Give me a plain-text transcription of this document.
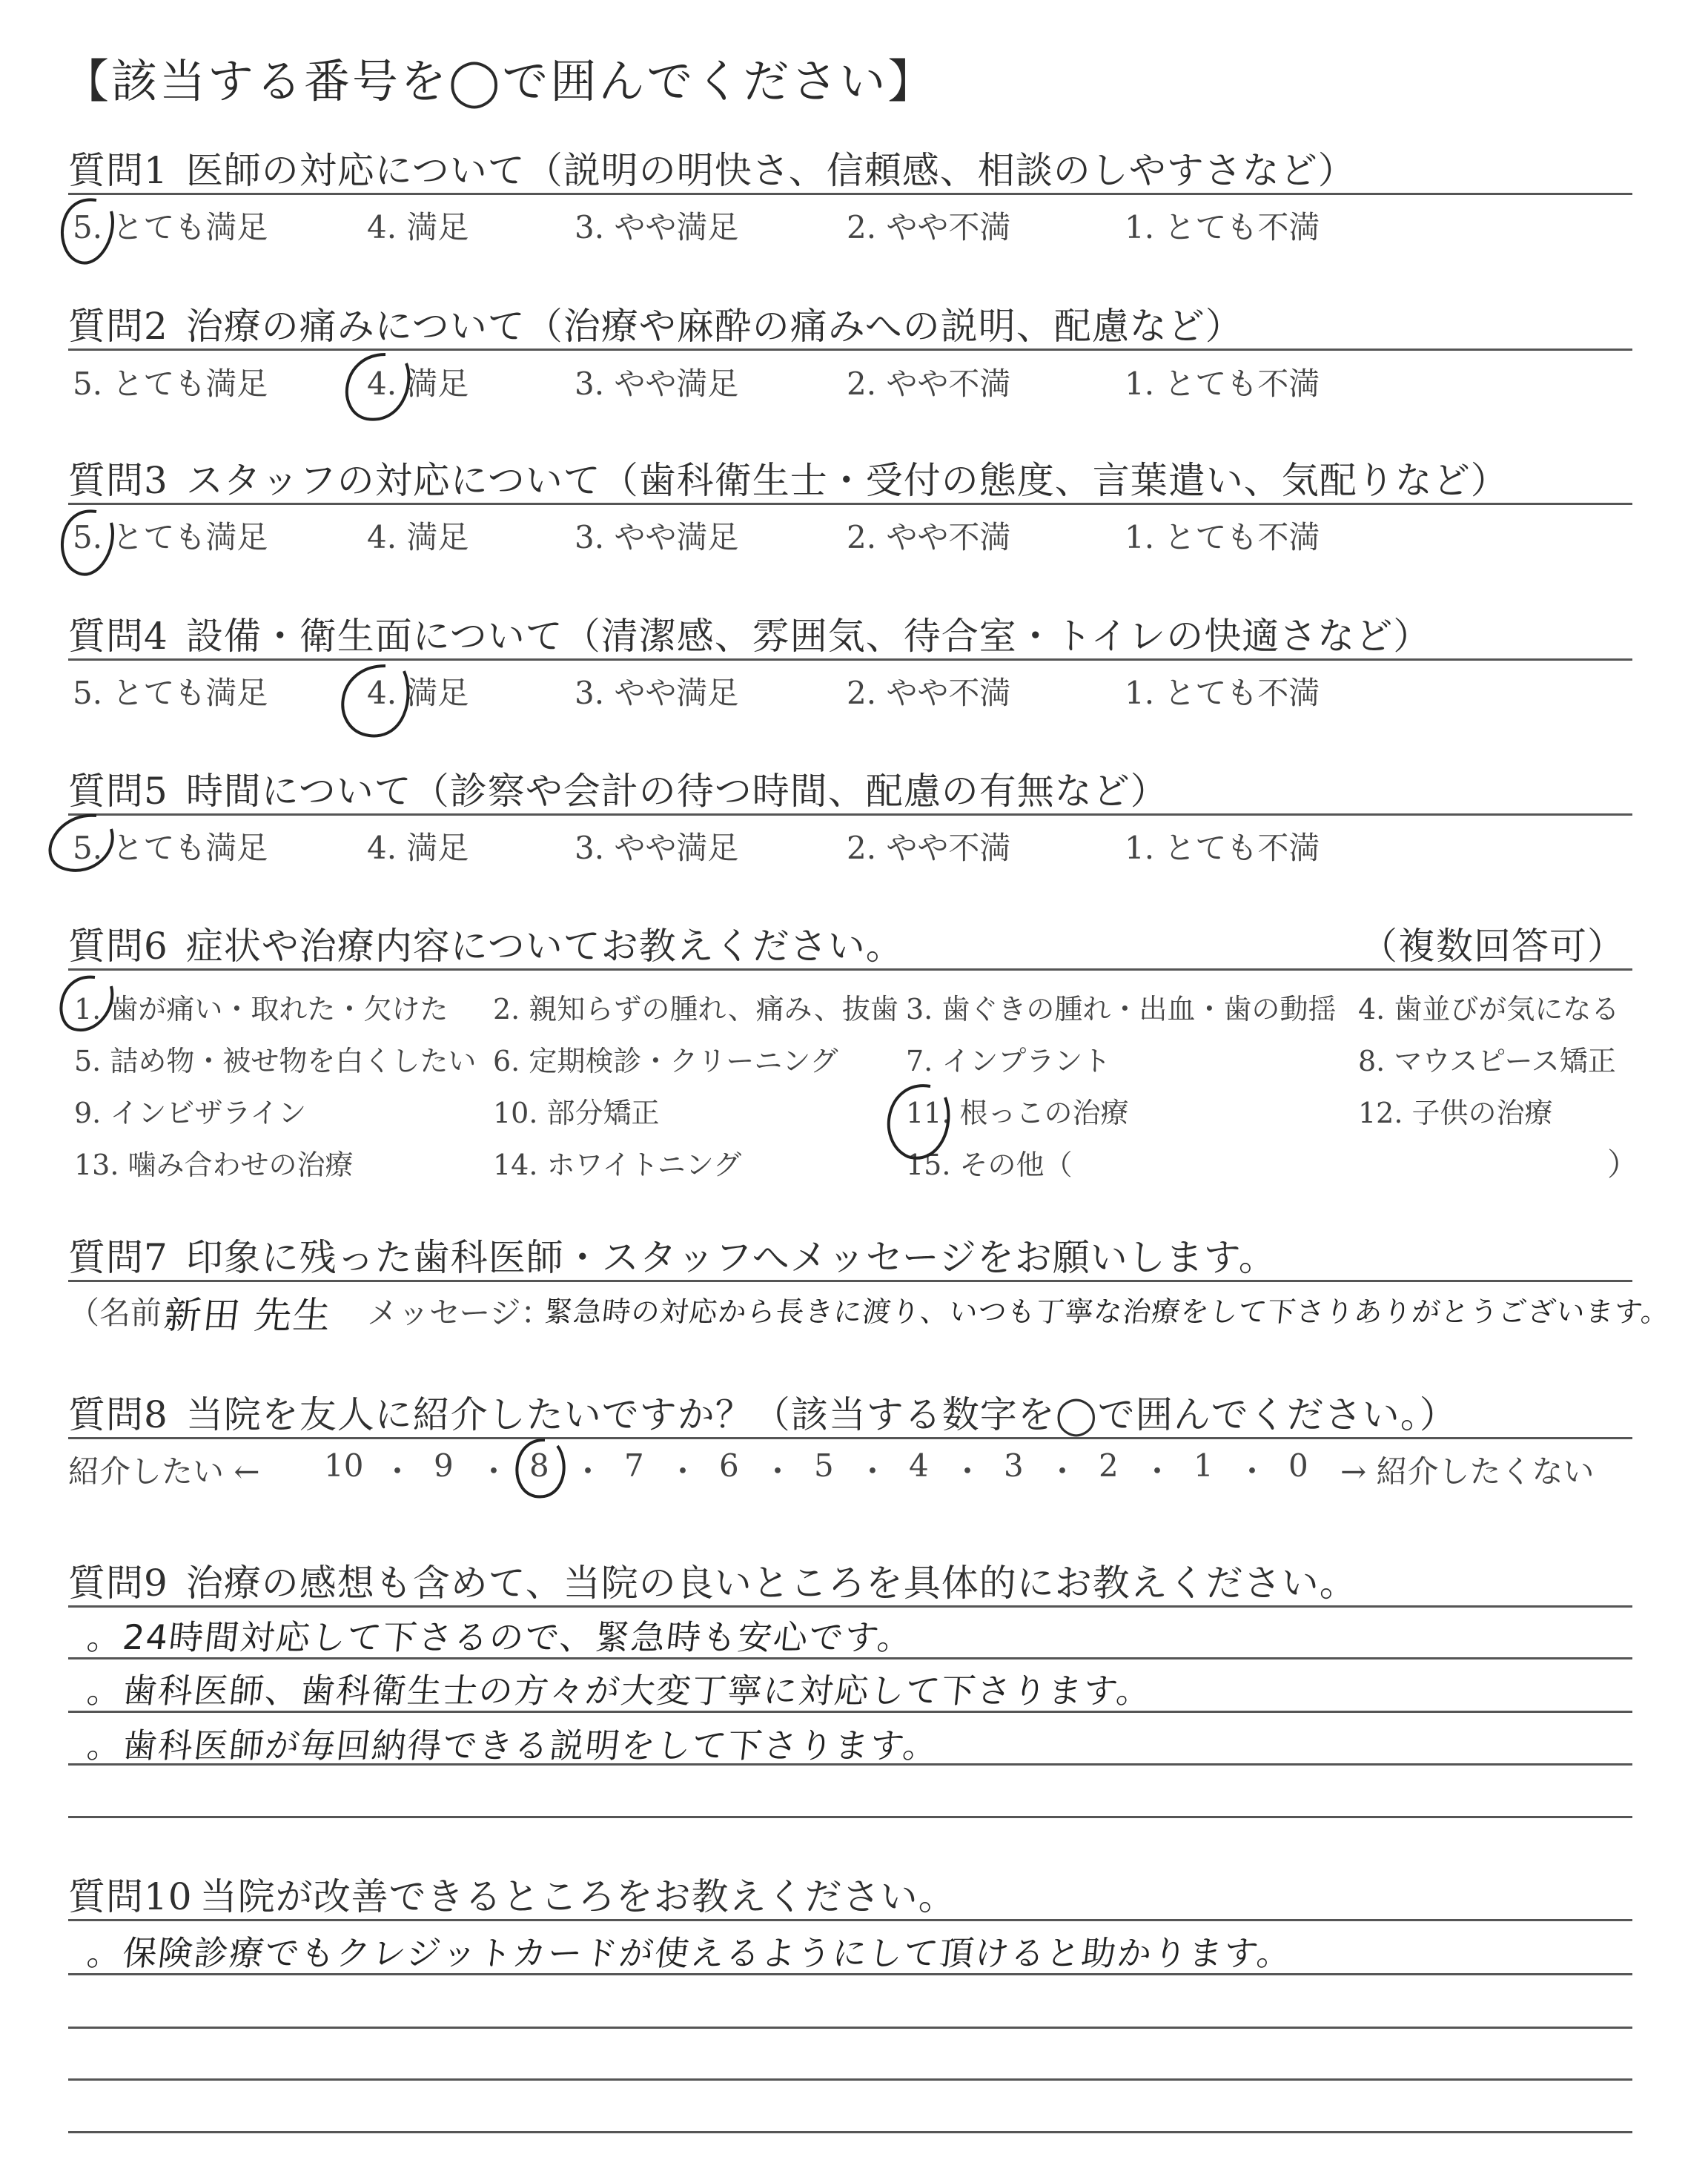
【該当する番号を◯で囲んでください】
質問1 医師の対応について（説明の明快さ、信頼感、相談のしやすさなど）
5. とても満足	4. 満足	3. やや満足	2. やや不満	1. とても不満
質問2 治療の痛みについて（治療や麻酔の痛みへの説明、配慮など）
5. とても満足	4. 満足	3. やや満足	2. やや不満	1. とても不満
質問3 スタッフの対応について（歯科衛生士・受付の態度、言葉遣い、気配りなど）
5. とても満足	4. 満足	3. やや満足	2. やや不満	1. とても不満
質問4 設備・衛生面について（清潔感、雰囲気、待合室・トイレの快適さなど）
5. とても満足	4. 満足	3. やや満足	2. やや不満	1. とても不満
質問5 時間について（診察や会計の待つ時間、配慮の有無など）
5. とても満足	4. 満足	3. やや満足	2. やや不満	1. とても不満
質問6 症状や治療内容についてお教えください。	（複数回答可）
1. 歯が痛い・取れた・欠けた 2. 親知らずの腫れ、痛み、抜歯 3. 歯ぐきの腫れ・出血・歯の動揺 4. 歯並びが気になる
5. 詰め物・被せ物を白くしたい 6. 定期検診・クリーニング 7. インプラント	8. マウスピース矯正
9. インビザライン	10. 部分矯正	11. 根っこの治療	12. 子供の治療
13. 噛み合わせの治療	14. ホワイトニング	15. その他（	）
質問7 印象に残った歯科医師・スタッフへメッセージをお願いします。
（名前：
新田 先生 メッセージ：
緊急時の対応から長きに渡り、いつも丁寧な治療をして下さりありがとうございます。
質問8 当院を友人に紹介したいですか？（該当する数字を◯で囲んでください。）
紹介したい ←	→ 紹介したくない
10 ・ 9 ・ 8 ・ 7 ・ 6 ・ 5 ・ 4 ・ 3 ・ 2 ・ 1 ・ 0
質問9 治療の感想も含めて、当院の良いところを具体的にお教えください。
。24時間対応して下さるので、緊急時も安心です。
。歯科医師、歯科衛生士の方々が大変丁寧に対応して下さります。
。歯科医師が毎回納得できる説明をして下さります。
質問10 当院が改善できるところをお教えください。
。保険診療でもクレジットカードが使えるようにして頂けると助かります。
